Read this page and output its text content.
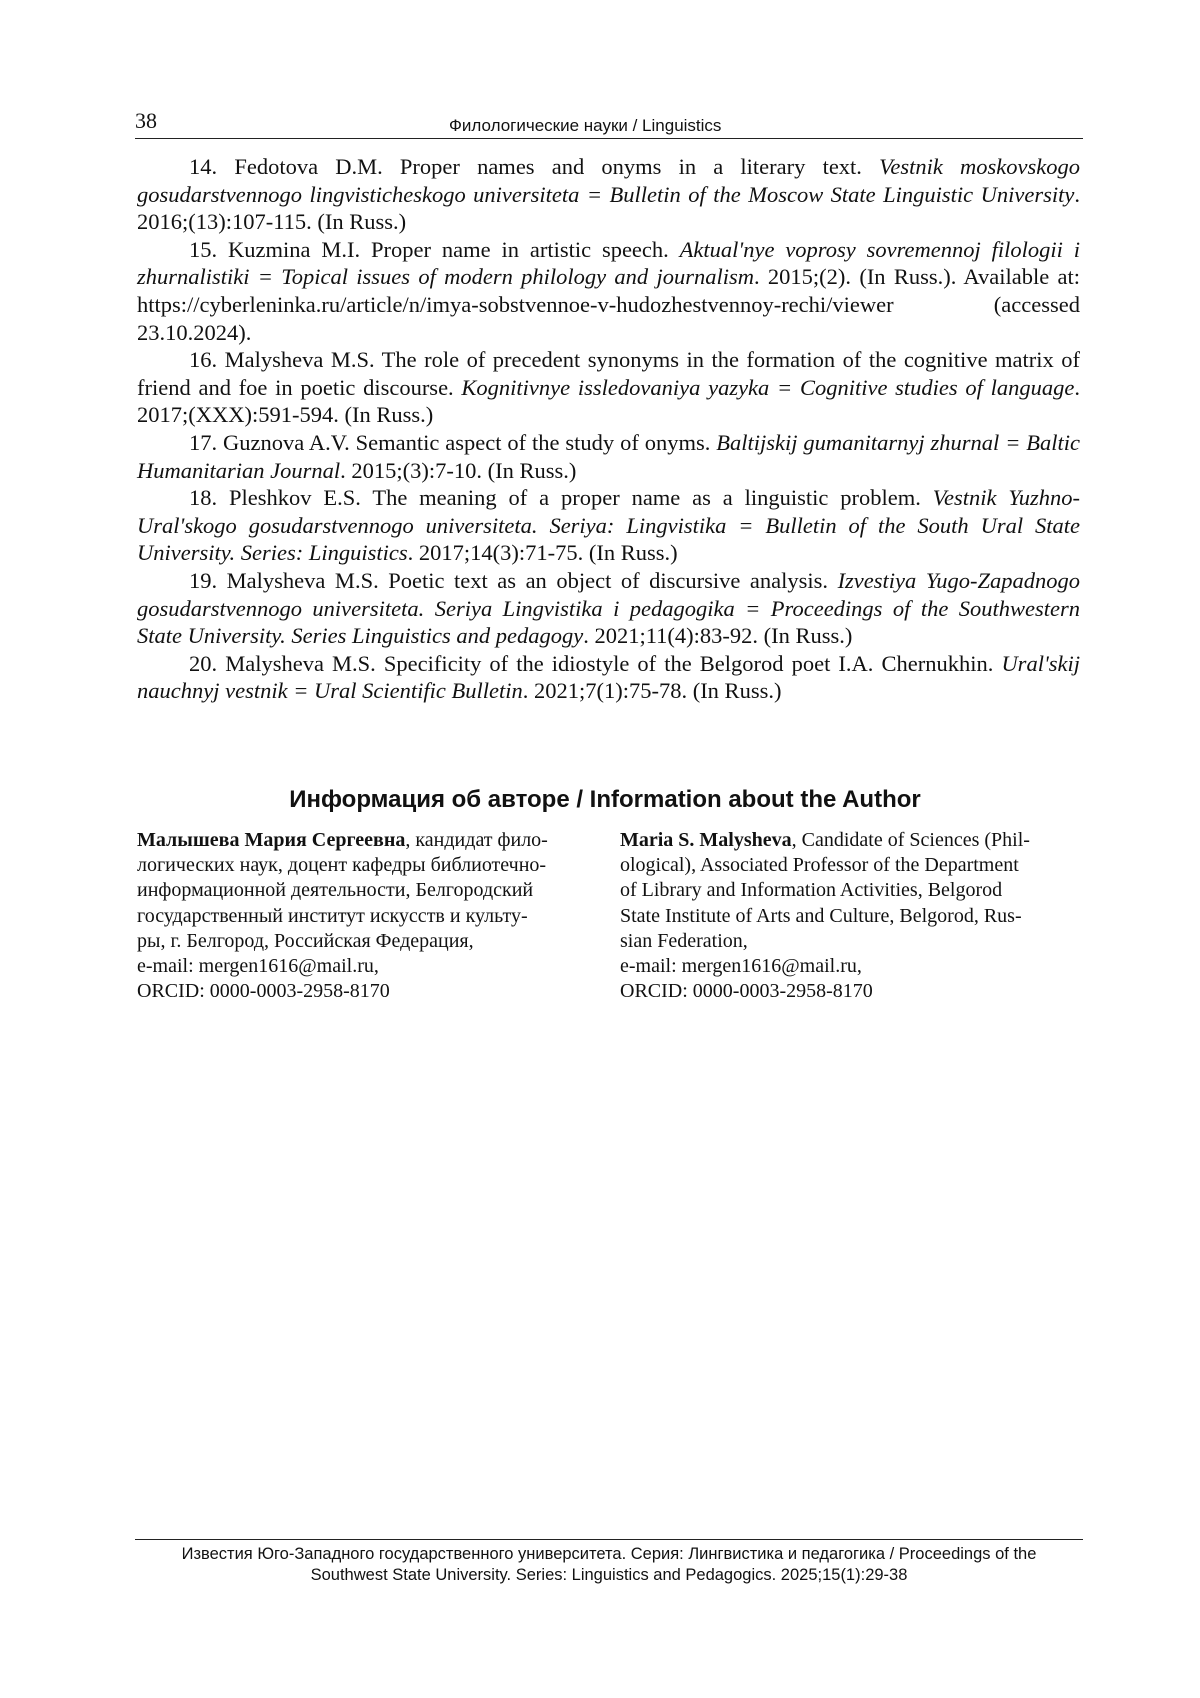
38	Филологические науки / Linguistics

14. Fedotova D.M. Proper names and onyms in a literary text. Vestnik moskovskogo gosudarstvennogo lingvisticheskogo universiteta = Bulletin of the Moscow State Linguistic University. 2016;(13):107-115. (In Russ.)

15. Kuzmina M.I. Proper name in artistic speech. Aktual'nye voprosy sovremennoj filologii i zhurnalistiki = Topical issues of modern philology and journalism. 2015;(2). (In Russ.). Available at: https://cyberleninka.ru/article/n/imya-sobstvennoe-v-hudozhestvennoy-rechi/viewer (accessed 23.10.2024).

16. Malysheva M.S. The role of precedent synonyms in the formation of the cognitive matrix of friend and foe in poetic discourse. Kognitivnye issledovaniya yazyka = Cognitive studies of language. 2017;(XXX):591-594. (In Russ.)

17. Guznova A.V. Semantic aspect of the study of onyms. Baltijskij gumanitarnyj zhurnal = Baltic Humanitarian Journal. 2015;(3):7-10. (In Russ.)

18. Pleshkov E.S. The meaning of a proper name as a linguistic problem. Vestnik Yuzhno-Ural'skogo gosudarstvennogo universiteta. Seriya: Lingvistika = Bulletin of the South Ural State University. Series: Linguistics. 2017;14(3):71-75. (In Russ.)

19. Malysheva M.S. Poetic text as an object of discursive analysis. Izvestiya Yugo-Zapadnogo gosudarstvennogo universiteta. Seriya Lingvistika i pedagogika = Proceedings of the Southwestern State University. Series Linguistics and pedagogy. 2021;11(4):83-92. (In Russ.)

20. Malysheva M.S. Specificity of the idiostyle of the Belgorod poet I.A. Chernukhin. Ural'skij nauchnyj vestnik = Ural Scientific Bulletin. 2021;7(1):75-78. (In Russ.)

Информация об авторе / Information about the Author
Малышева Мария Сергеевна, кандидат фило-
логических наук, доцент кафедры библиотечно-
информационной деятельности, Белгородский
государственный институт искусств и культу-
ры, г. Белгород, Российская Федерация,
e-mail: mergen1616@mail.ru,
ORCID: 0000-0003-2958-8170
Maria S. Malysheva, Candidate of Sciences (Phil-
ological), Associated Professor of the Department
of Library and Information Activities, Belgorod
State Institute of Arts and Culture, Belgorod, Rus-
sian Federation,
e-mail: mergen1616@mail.ru,
ORCID: 0000-0003-2958-8170
Известия Юго-Западного государственного университета. Серия: Лингвистика и педагогика / Proceedings of the
Southwest State University. Series: Linguistics and Pedagogics. 2025;15(1):29-38
